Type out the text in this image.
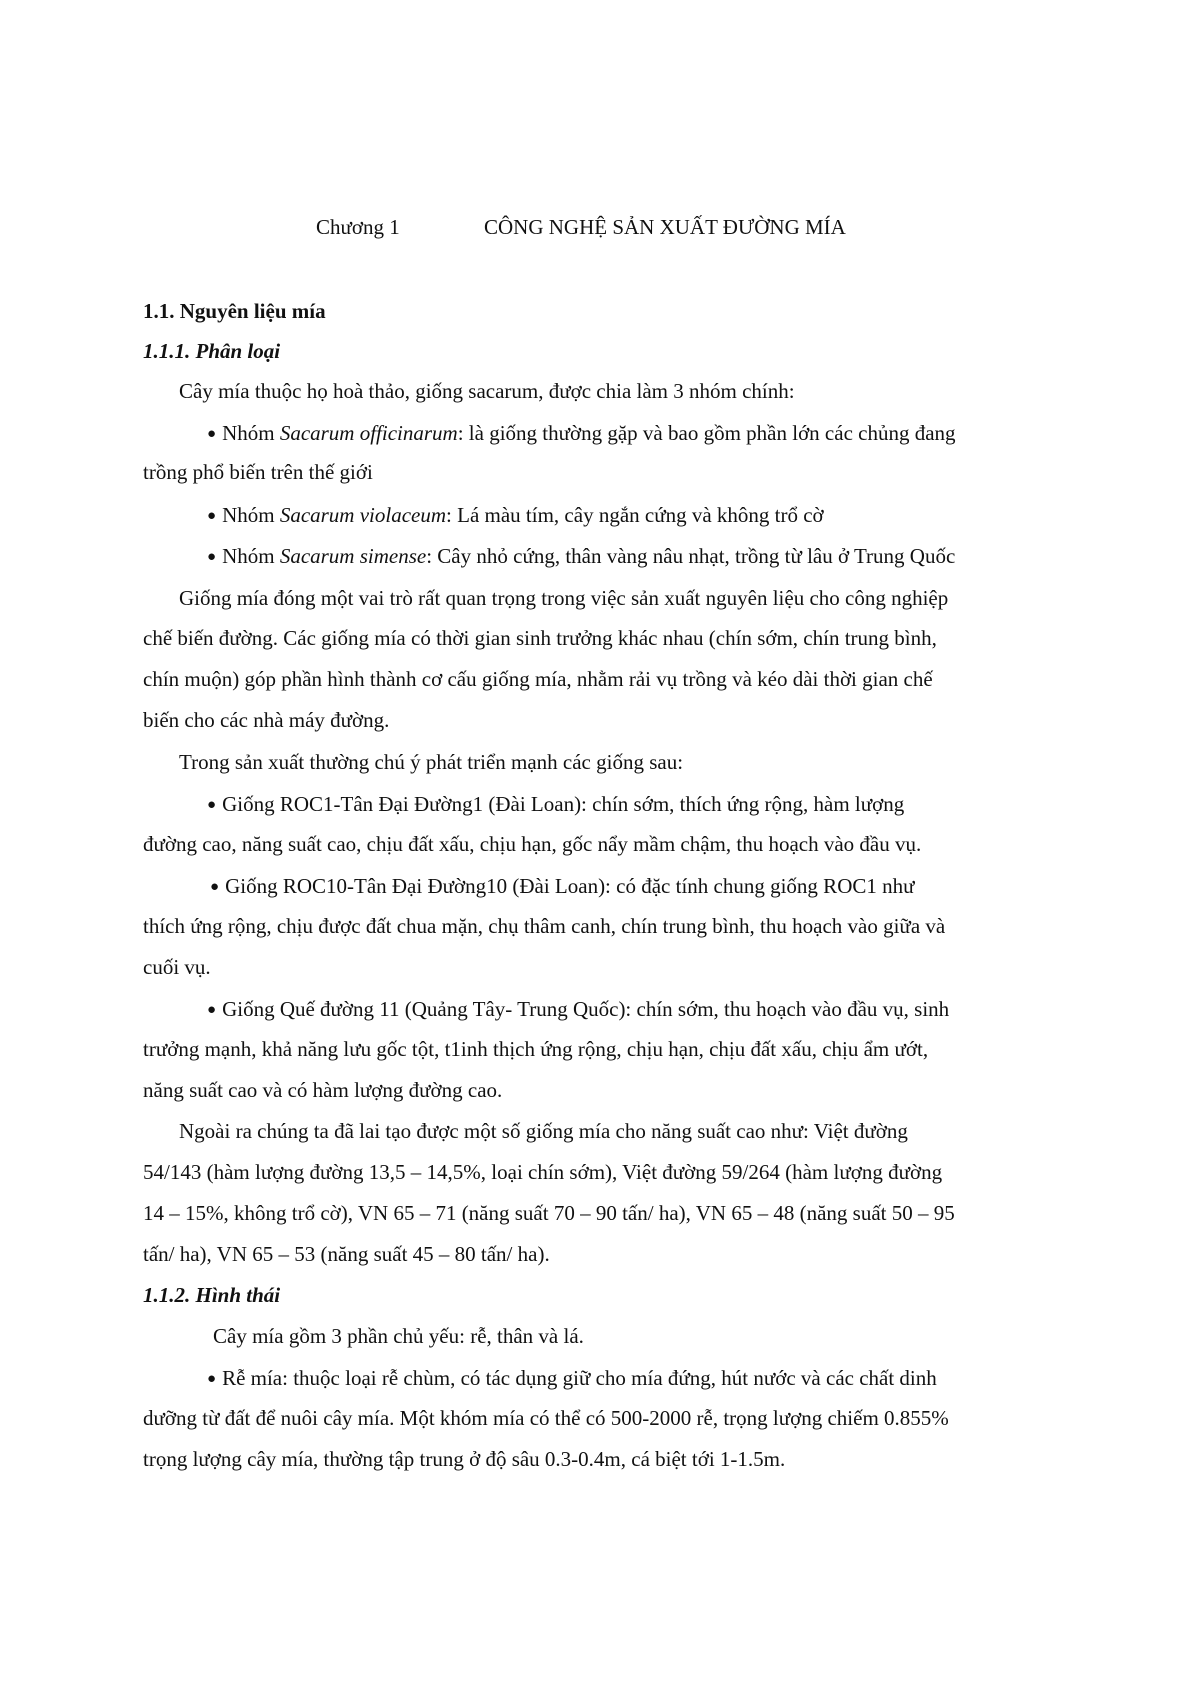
Chương 1	CÔNG NGHỆ SẢN XUẤT ĐƯỜNG MÍA
1.1. Nguyên liệu mía
1.1.1. Phân loại
Cây mía thuộc họ hoà thảo, giống sacarum, được chia làm 3 nhóm chính:
● Nhóm Sacarum officinarum: là giống thường gặp và bao gồm phần lớn các chủng đang
trồng phổ biến trên thế giới
● Nhóm Sacarum violaceum: Lá màu tím, cây ngắn cứng và không trổ cờ
● Nhóm Sacarum simense: Cây nhỏ cứng, thân vàng nâu nhạt, trồng từ lâu ở Trung Quốc
Giống mía đóng một vai trò rất quan trọng trong việc sản xuất nguyên liệu cho công nghiệp
chế biến đường. Các giống mía có thời gian sinh trưởng khác nhau (chín sớm, chín trung bình,
chín muộn) góp phần hình thành cơ cấu giống mía, nhằm rải vụ trồng và kéo dài thời gian chế
biến cho các nhà máy đường.
Trong sản xuất thường chú ý phát triển mạnh các giống sau:
● Giống ROC1-Tân Đại Đường1 (Đài Loan): chín sớm, thích ứng rộng, hàm lượng
đường cao, năng suất cao, chịu đất xấu, chịu hạn, gốc nẩy mầm chậm, thu hoạch vào đầu vụ.
● Giống ROC10-Tân Đại Đường10 (Đài Loan): có đặc tính chung giống ROC1 như
thích ứng rộng, chịu được đất chua mặn, chụ thâm canh, chín trung bình, thu hoạch vào giữa và
cuối vụ.
● Giống Quế đường 11 (Quảng Tây- Trung Quốc): chín sớm, thu hoạch vào đầu vụ, sinh
trưởng mạnh, khả năng lưu gốc tột, t1inh thịch ứng rộng, chịu hạn, chịu đất xấu, chịu ẩm ướt,
năng suất cao và có hàm lượng đường cao.
Ngoài ra chúng ta đã lai tạo được một số giống mía cho năng suất cao như: Việt đường
54/143 (hàm lượng đường 13,5 – 14,5%, loại chín sớm), Việt đường 59/264 (hàm lượng đường
14 – 15%, không trổ cờ), VN 65 – 71 (năng suất 70 – 90 tấn/ ha), VN 65 – 48 (năng suất 50 – 95
tấn/ ha), VN 65 – 53 (năng suất 45 – 80 tấn/ ha).
1.1.2. Hình thái
Cây mía gồm 3 phần chủ yếu: rễ, thân và lá.
● Rễ mía: thuộc loại rễ chùm, có tác dụng giữ cho mía đứng, hút nước và các chất dinh
dưỡng từ đất để nuôi cây mía. Một khóm mía có thể có 500-2000 rễ, trọng lượng chiếm 0.855%
trọng lượng cây mía, thường tập trung ở độ sâu 0.3-0.4m, cá biệt tới 1-1.5m.
